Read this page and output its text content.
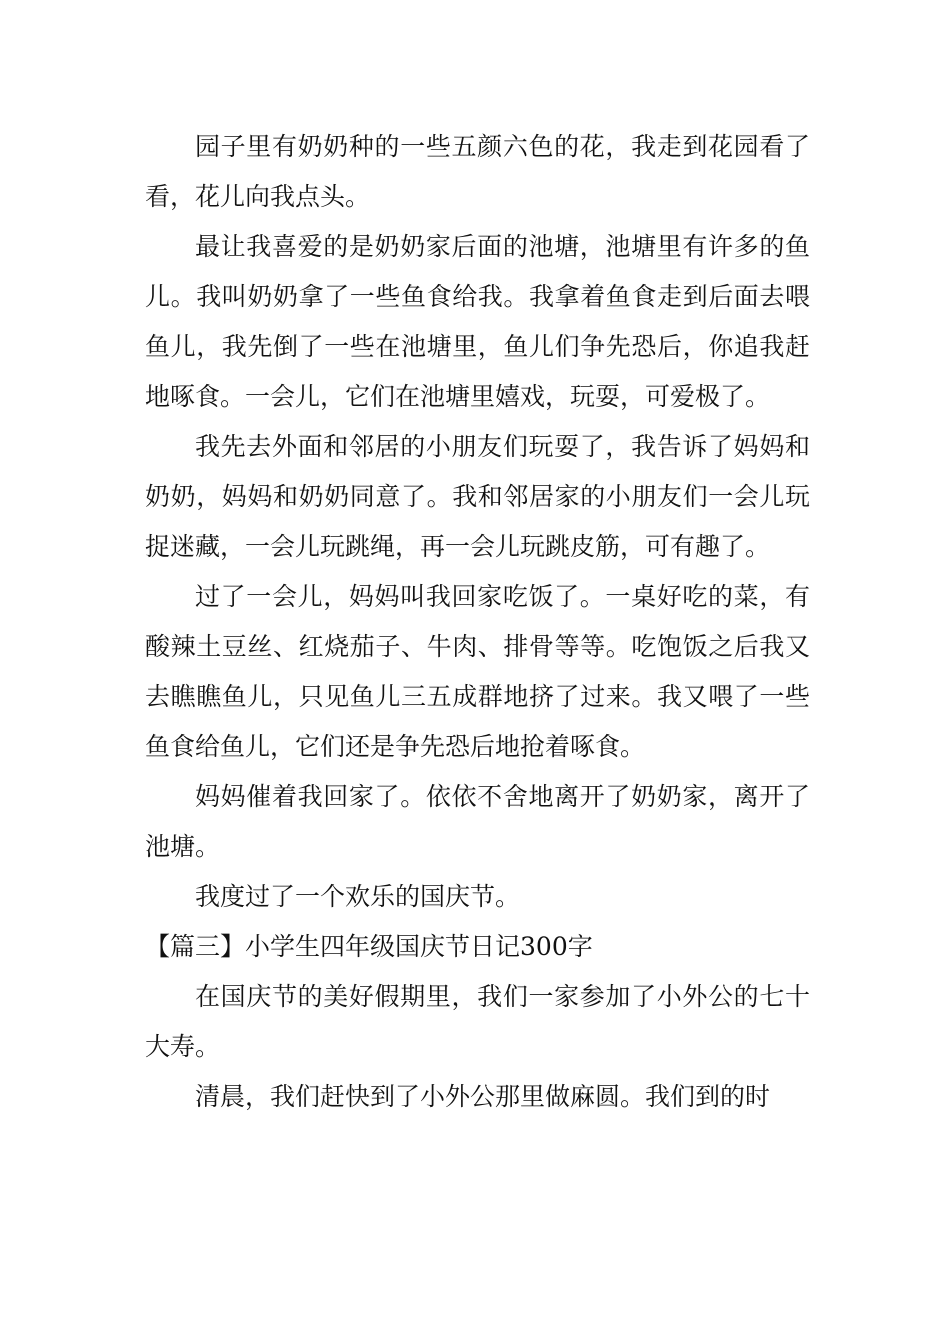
园子里有奶奶种的一些五颜六色的花，我走到花园看了看，花儿向我点头。

最让我喜爱的是奶奶家后面的池塘，池塘里有许多的鱼儿。我叫奶奶拿了一些鱼食给我。我拿着鱼食走到后面去喂鱼儿，我先倒了一些在池塘里，鱼儿们争先恐后，你追我赶地啄食。一会儿，它们在池塘里嬉戏，玩耍，可爱极了。

我先去外面和邻居的小朋友们玩耍了，我告诉了妈妈和奶奶，妈妈和奶奶同意了。我和邻居家的小朋友们一会儿玩捉迷藏，一会儿玩跳绳，再一会儿玩跳皮筋，可有趣了。

过了一会儿，妈妈叫我回家吃饭了。一桌好吃的菜，有酸辣土豆丝、红烧茄子、牛肉、排骨等等。吃饱饭之后我又去瞧瞧鱼儿，只见鱼儿三五成群地挤了过来。我又喂了一些鱼食给鱼儿，它们还是争先恐后地抢着啄食。

妈妈催着我回家了。依依不舍地离开了奶奶家，离开了池塘。

我度过了一个欢乐的国庆节。

【篇三】小学生四年级国庆节日记300字

在国庆节的美好假期里，我们一家参加了小外公的七十大寿。

清晨，我们赶快到了小外公那里做麻圆。我们到的时
